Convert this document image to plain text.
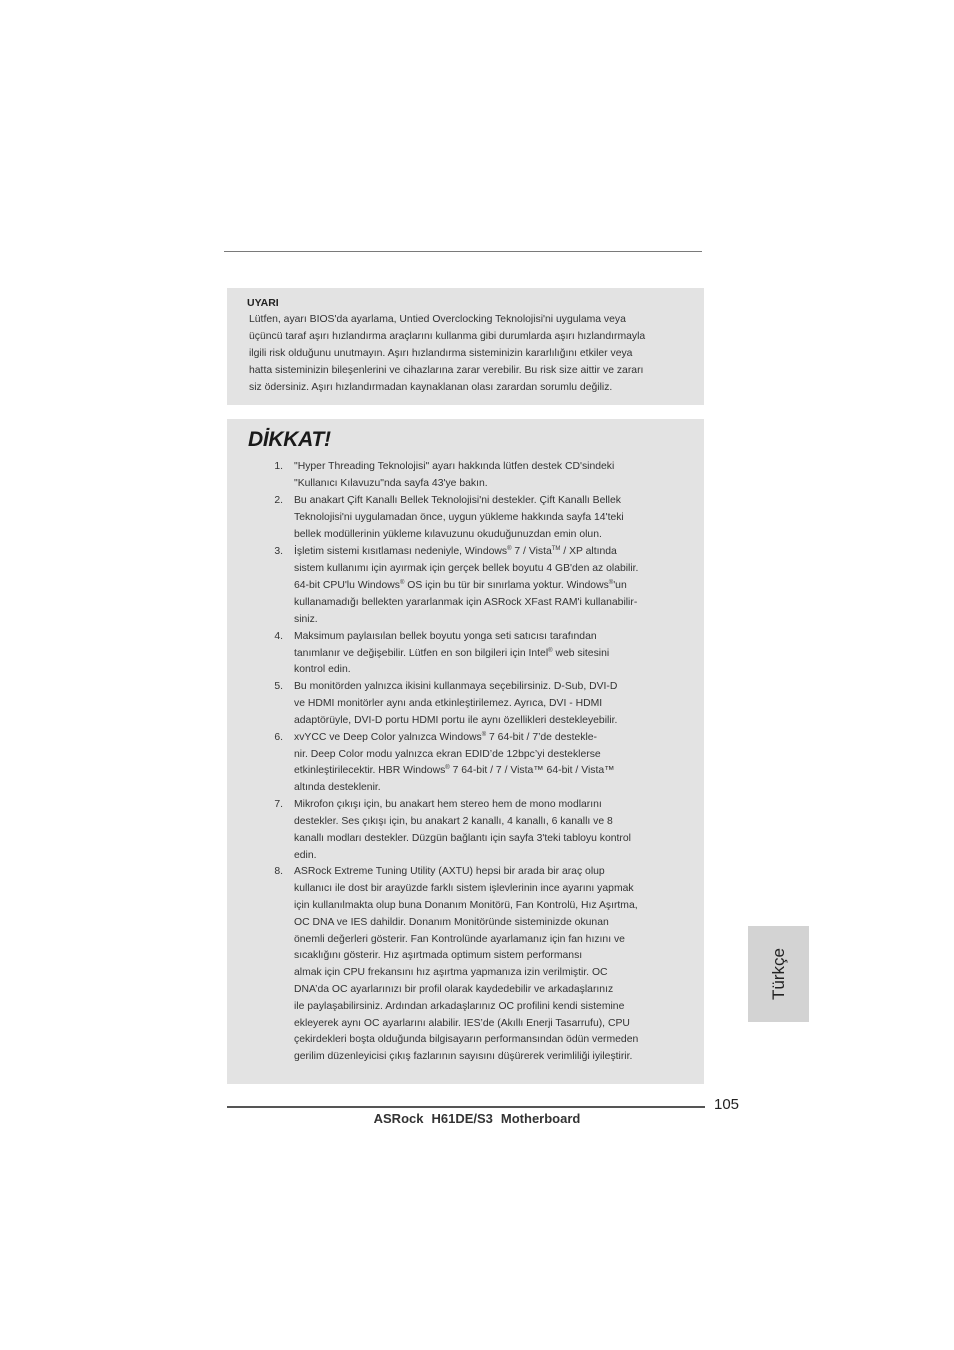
UYARI
Lütfen, ayarı BIOS'da ayarlama, Untied Overclocking Teknolojisi'ni uygulama veya
üçüncü taraf aşırı hızlandırma araçlarını kullanma gibi durumlarda aşırı hızlandırmayla
ilgili risk olduğunu unutmayın. Aşırı hızlandırma sisteminizin kararlılığını etkiler veya
hatta sisteminizin bileşenlerini ve cihazlarına zarar verebilir. Bu risk size aittir ve zararı
siz ödersiniz. Aşırı hızlandırmadan kaynaklanan olası zarardan sorumlu değiliz.
DİKKAT!
1. "Hyper Threading Teknolojisi" ayarı hakkında lütfen destek CD'sindeki
"Kullanıcı Kılavuzu"nda sayfa 43'ye bakın.
2. Bu anakart Çift Kanallı Bellek Teknolojisi'ni destekler. Çift Kanallı Bellek
Teknolojisi'ni uygulamadan önce, uygun yükleme hakkında sayfa 14'teki
bellek modüllerinin yükleme kılavuzunu okuduğunuzdan emin olun.
3. İşletim sistemi kısıtlaması nedeniyle, Windows® 7 / Vista™ / XP altında
sistem kullanımı için ayırmak için gerçek bellek boyutu 4 GB'den az olabilir.
64-bit CPU'lu Windows® OS için bu tür bir sınırlama yoktur. Windows®'un
kullanamadığı bellekten yararlanmak için ASRock XFast RAM'i kullanabilir-
siniz.
4. Maksimum paylaısılan bellek boyutu yonga seti satıcısı tarafından
tanımlanır ve değişebilir. Lütfen en son bilgileri için Intel® web sitesini
kontrol edin.
5. Bu monitörden yalnızca ikisini kullanmaya seçebilirsiniz. D-Sub, DVI-D
ve HDMI monitörler aynı anda etkinleştirilemez. Ayrıca, DVI - HDMI
adaptörüyle, DVI-D portu HDMI portu ile aynı özellikleri destekleyebilir.
6. xvYCC ve Deep Color yalnızca Windows® 7 64-bit / 7’de destekle-
nir. Deep Color modu yalnızca ekran EDID’de 12bpc’yi desteklerse
etkinleştirilecektir. HBR Windows® 7 64-bit / 7 / Vista™ 64-bit / Vista™
altında desteklenir.
7. Mikrofon çıkışı için, bu anakart hem stereo hem de mono modlarını
destekler. Ses çıkışı için, bu anakart 2 kanallı, 4 kanallı, 6 kanallı ve 8
kanallı modları destekler. Düzgün bağlantı için sayfa 3'teki tabloyu kontrol
edin.
8. ASRock Extreme Tuning Utility (AXTU) hepsi bir arada bir araç olup
kullanıcı ile dost bir arayüzde farklı sistem işlevlerinin ince ayarını yapmak
için kullanılmakta olup buna Donanım Monitörü, Fan Kontrolü, Hız Aşırtma,
OC DNA ve IES dahildir. Donanım Monitöründe sisteminizde okunan
önemli değerleri gösterir. Fan Kontrolünde ayarlamanız için fan hızını ve
sıcaklığını gösterir. Hız aşırtmada optimum sistem performansı
almak için CPU frekansını hız aşırtma yapmanıza izin verilmiştir. OC
DNA’da OC ayarlarınızı bir profil olarak kaydedebilir ve arkadaşlarınız
ile paylaşabilirsiniz. Ardından arkadaşlarınız OC profilini kendi sistemine
ekleyerek aynı OC ayarlarını alabilir. IES’de (Akıllı Enerji Tasarrufu), CPU
çekirdekleri boşta olduğunda bilgisayarın performansından ödün vermeden
gerilim düzenleyicisi çıkış fazlarının sayısını düşürerek verimliliği iyileştirir.
Türkçe
105
ASRock H61DE/S3 Motherboard
